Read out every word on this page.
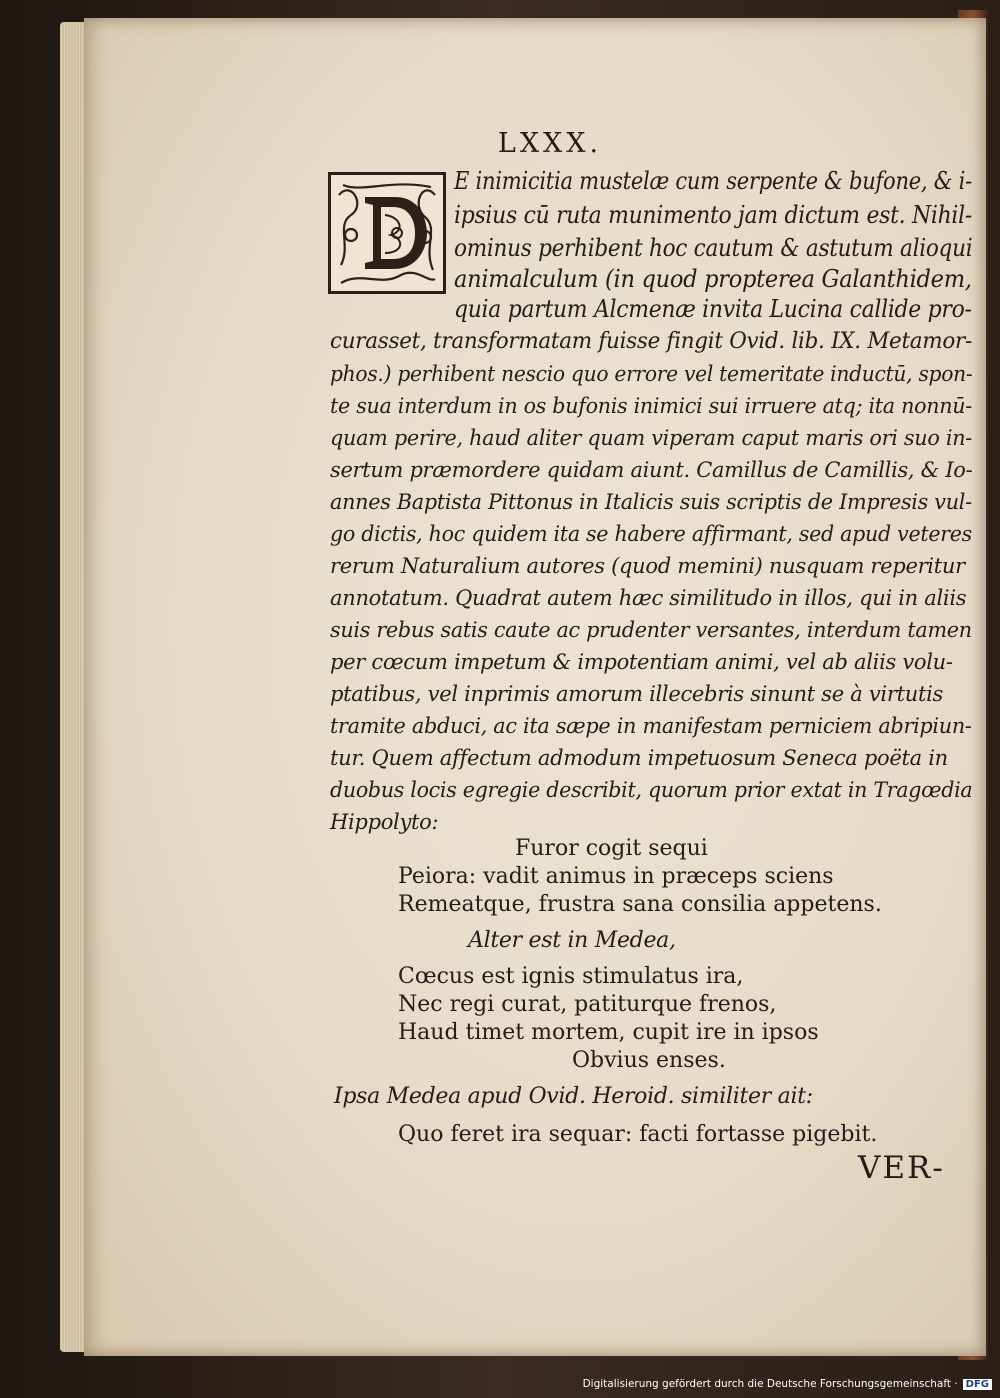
LXXX.
E inimicitia mustelæ cum serpente & bufone, & i-
ipsius cū ruta munimento jam dictum est. Nihil-
ominus perhibent hoc cautum & astutum alioqui
animalculum (in quod propterea Galanthidem,
quia partum Alcmenæ invita Lucina callide pro-
curasset, transformatam fuisse fingit Ovid. lib. IX. Metamor-
phos.) perhibent nescio quo errore vel temeritate inductū, spon-
te sua interdum in os bufonis inimici sui irruere atq; ita nonnū-
quam perire, haud aliter quam viperam caput maris ori suo in-
sertum præmordere quidam aiunt. Camillus de Camillis, & Io-
annes Baptista Pittonus in Italicis suis scriptis de Impresis vul-
go dictis, hoc quidem ita se habere affirmant, sed apud veteres
rerum Naturalium autores (quod memini) nusquam reperitur
annotatum. Quadrat autem hæc similitudo in illos, qui in aliis
suis rebus satis caute ac prudenter versantes, interdum tamen
per cœcum impetum & impotentiam animi, vel ab aliis volu-
ptatibus, vel inprimis amorum illecebris sinunt se à virtutis
tramite abduci, ac ita sæpe in manifestam perniciem abripiun-
tur. Quem affectum admodum impetuosum Seneca poëta in
duobus locis egregie describit, quorum prior extat in Tragœdia
Hippolyto:
Furor cogit sequi
Peiora: vadit animus in præceps sciens
Remeatque, frustra sana consilia appetens.
Alter est in Medea,
Cœcus est ignis stimulatus ira,
Nec regi curat, patiturque frenos,
Haud timet mortem, cupit ire in ipsos
Obvius enses.
Ipsa Medea apud Ovid. Heroid. similiter ait:
Quo feret ira sequar: facti fortasse pigebit.
VER-
Digitalisierung gefördert durch die Deutsche Forschungsgemeinschaft · DFG
